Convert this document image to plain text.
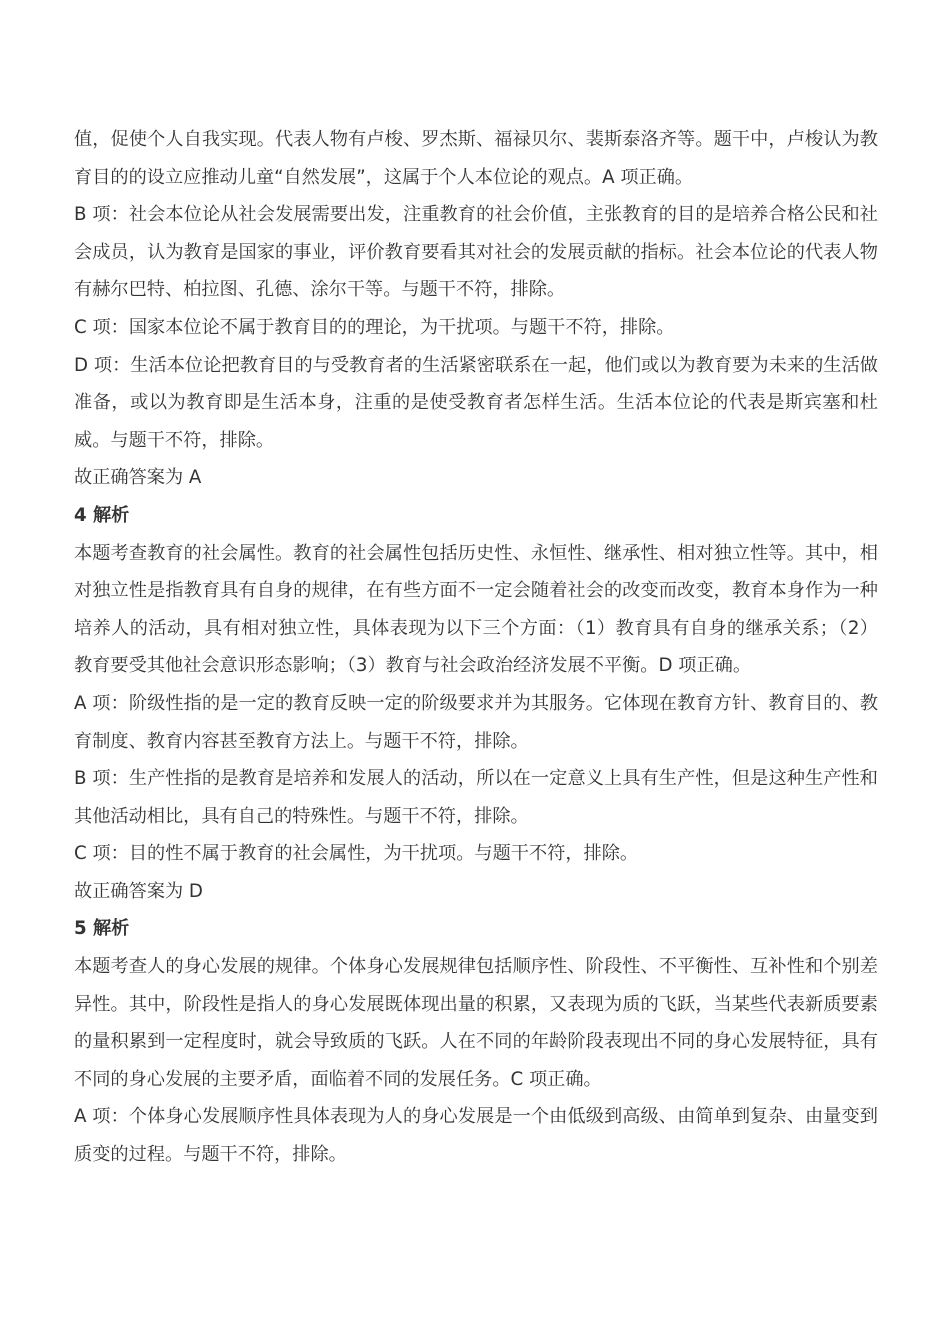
值，促使个人自我实现。代表人物有卢梭、罗杰斯、福禄贝尔、裴斯泰洛齐等。题干中，卢梭认为教育目的的设立应推动儿童“自然发展”，这属于个人本位论的观点。A 项正确。

B 项：社会本位论从社会发展需要出发，注重教育的社会价值，主张教育的目的是培养合格公民和社会成员，认为教育是国家的事业，评价教育要看其对社会的发展贡献的指标。社会本位论的代表人物有赫尔巴特、柏拉图、孔德、涂尔干等。与题干不符，排除。

C 项：国家本位论不属于教育目的的理论，为干扰项。与题干不符，排除。

D 项：生活本位论把教育目的与受教育者的生活紧密联系在一起，他们或以为教育要为未来的生活做准备，或以为教育即是生活本身，注重的是使受教育者怎样生活。生活本位论的代表是斯宾塞和杜威。与题干不符，排除。

故正确答案为 A

4 解析

本题考查教育的社会属性。教育的社会属性包括历史性、永恒性、继承性、相对独立性等。其中，相对独立性是指教育具有自身的规律，在有些方面不一定会随着社会的改变而改变，教育本身作为一种培养人的活动，具有相对独立性，具体表现为以下三个方面：（1）教育具有自身的继承关系；（2）教育要受其他社会意识形态影响；（3）教育与社会政治经济发展不平衡。D 项正确。

A 项：阶级性指的是一定的教育反映一定的阶级要求并为其服务。它体现在教育方针、教育目的、教育制度、教育内容甚至教育方法上。与题干不符，排除。

B 项：生产性指的是教育是培养和发展人的活动，所以在一定意义上具有生产性，但是这种生产性和其他活动相比，具有自己的特殊性。与题干不符，排除。

C 项：目的性不属于教育的社会属性，为干扰项。与题干不符，排除。

故正确答案为 D

5 解析

本题考查人的身心发展的规律。个体身心发展规律包括顺序性、阶段性、不平衡性、互补性和个别差异性。其中，阶段性是指人的身心发展既体现出量的积累，又表现为质的飞跃，当某些代表新质要素的量积累到一定程度时，就会导致质的飞跃。人在不同的年龄阶段表现出不同的身心发展特征，具有不同的身心发展的主要矛盾，面临着不同的发展任务。C 项正确。

A 项：个体身心发展顺序性具体表现为人的身心发展是一个由低级到高级、由简单到复杂、由量变到质变的过程。与题干不符，排除。
